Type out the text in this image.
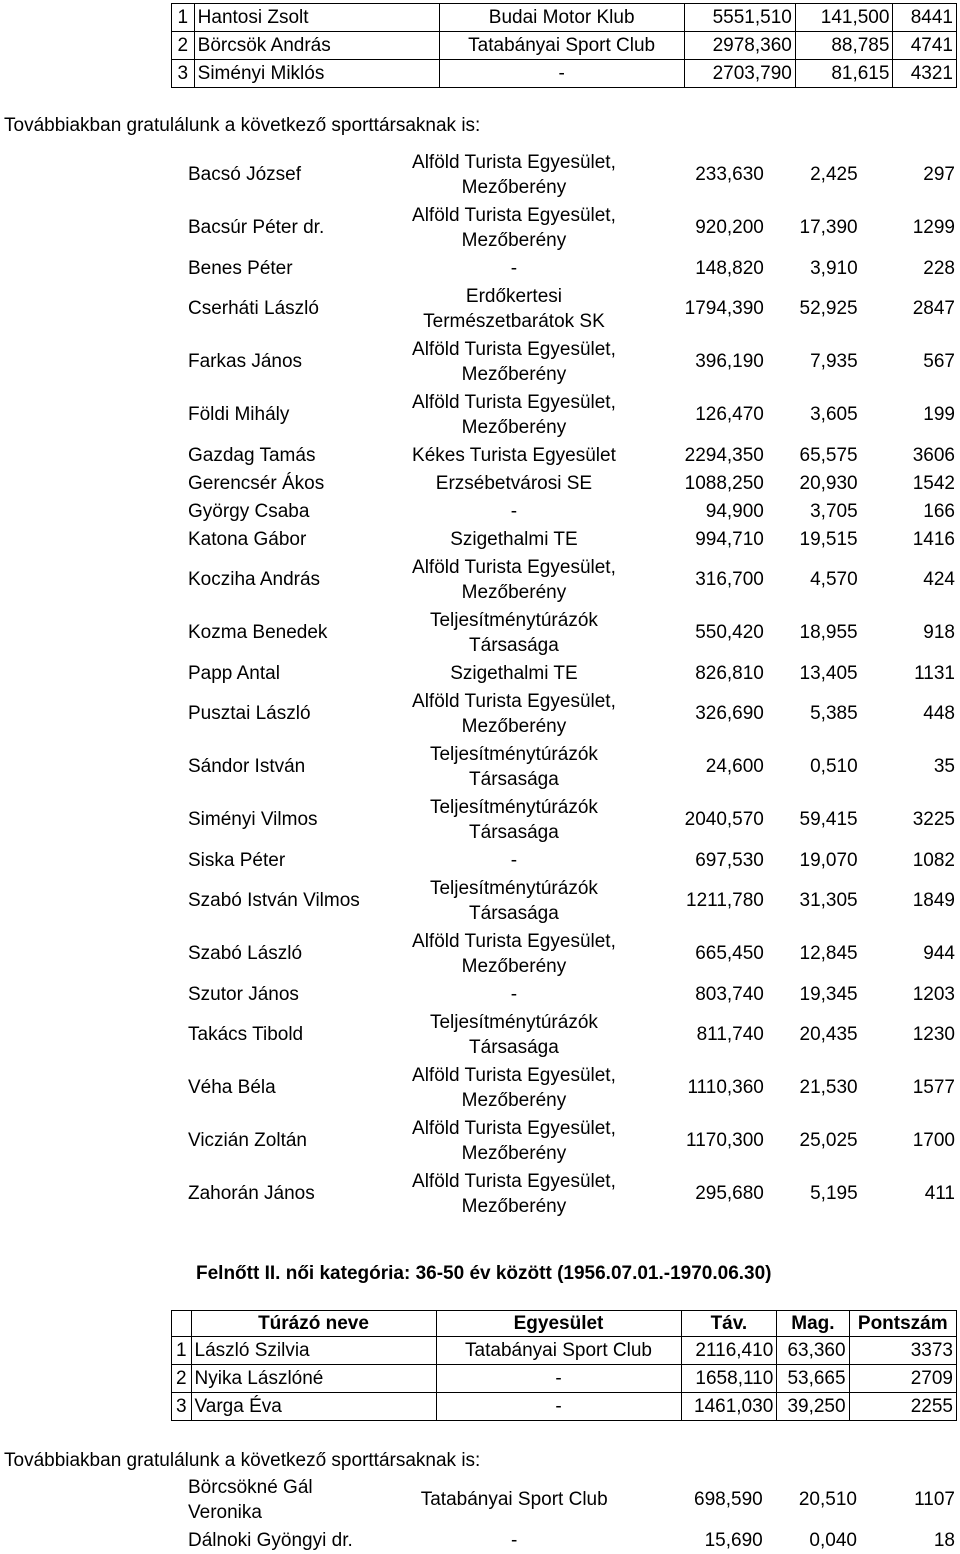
1	Hantosi Zsolt	Budai Motor Klub	5551,510	141,500	8441
2	Börcsök András	Tatabányai Sport Club	2978,360	88,785	4741
3	Siményi Miklós	-	2703,790	81,615	4321

Továbbiakban gratulálunk a következő sporttársaknak is:

Bacsó József	Alföld Turista Egyesület,
Mezőberény	233,630	2,425	297
Bacsúr Péter dr.	Alföld Turista Egyesület,
Mezőberény	920,200	17,390	1299
Benes Péter	-	148,820	3,910	228
Cserháti László	Erdőkertesi Természetbarátok SK	1794,390	52,925	2847
Farkas János	Alföld Turista Egyesület,
Mezőberény	396,190	7,935	567
Földi Mihály	Alföld Turista Egyesület,
Mezőberény	126,470	3,605	199
Gazdag Tamás	Kékes Turista Egyesület	2294,350	65,575	3606
Gerencsér Ákos	Erzsébetvárosi SE	1088,250	20,930	1542
György Csaba	-	94,900	3,705	166
Katona Gábor	Szigethalmi TE	994,710	19,515	1416
Kocziha András	Alföld Turista Egyesület,
Mezőberény	316,700	4,570	424
Kozma Benedek	Teljesítménytúrázók Társasága	550,420	18,955	918
Papp Antal	Szigethalmi TE	826,810	13,405	1131
Pusztai László	Alföld Turista Egyesület,
Mezőberény	326,690	5,385	448
Sándor István	Teljesítménytúrázók Társasága	24,600	0,510	35
Siményi Vilmos	Teljesítménytúrázók Társasága	2040,570	59,415	3225
Siska Péter	-	697,530	19,070	1082
Szabó István Vilmos	Teljesítménytúrázók Társasága	1211,780	31,305	1849
Szabó László	Alföld Turista Egyesület,
Mezőberény	665,450	12,845	944
Szutor János	-	803,740	19,345	1203
Takács Tibold	Teljesítménytúrázók Társasága	811,740	20,435	1230
Véha Béla	Alföld Turista Egyesület,
Mezőberény	1110,360	21,530	1577
Viczián Zoltán	Alföld Turista Egyesület,
Mezőberény	1170,300	25,025	1700
Zahorán János	Alföld Turista Egyesület,
Mezőberény	295,680	5,195	411
Felnőtt II. női kategória: 36-50 év között (1956.07.01.-1970.06.30)
	Túrázó neve	Egyesület	Táv.	Mag.	Pontszám
1	László Szilvia	Tatabányai Sport Club	2116,410	63,360	3373
2	Nyika Lászlóné	-	1658,110	53,665	2709
3	Varga Éva	-	1461,030	39,250	2255

Továbbiakban gratulálunk a következő sporttársaknak is:

Börcsökné Gál Veronika	Tatabányai Sport Club	698,590	20,510	1107
Dálnoki Gyöngyi dr.	-	15,690	0,040	18
